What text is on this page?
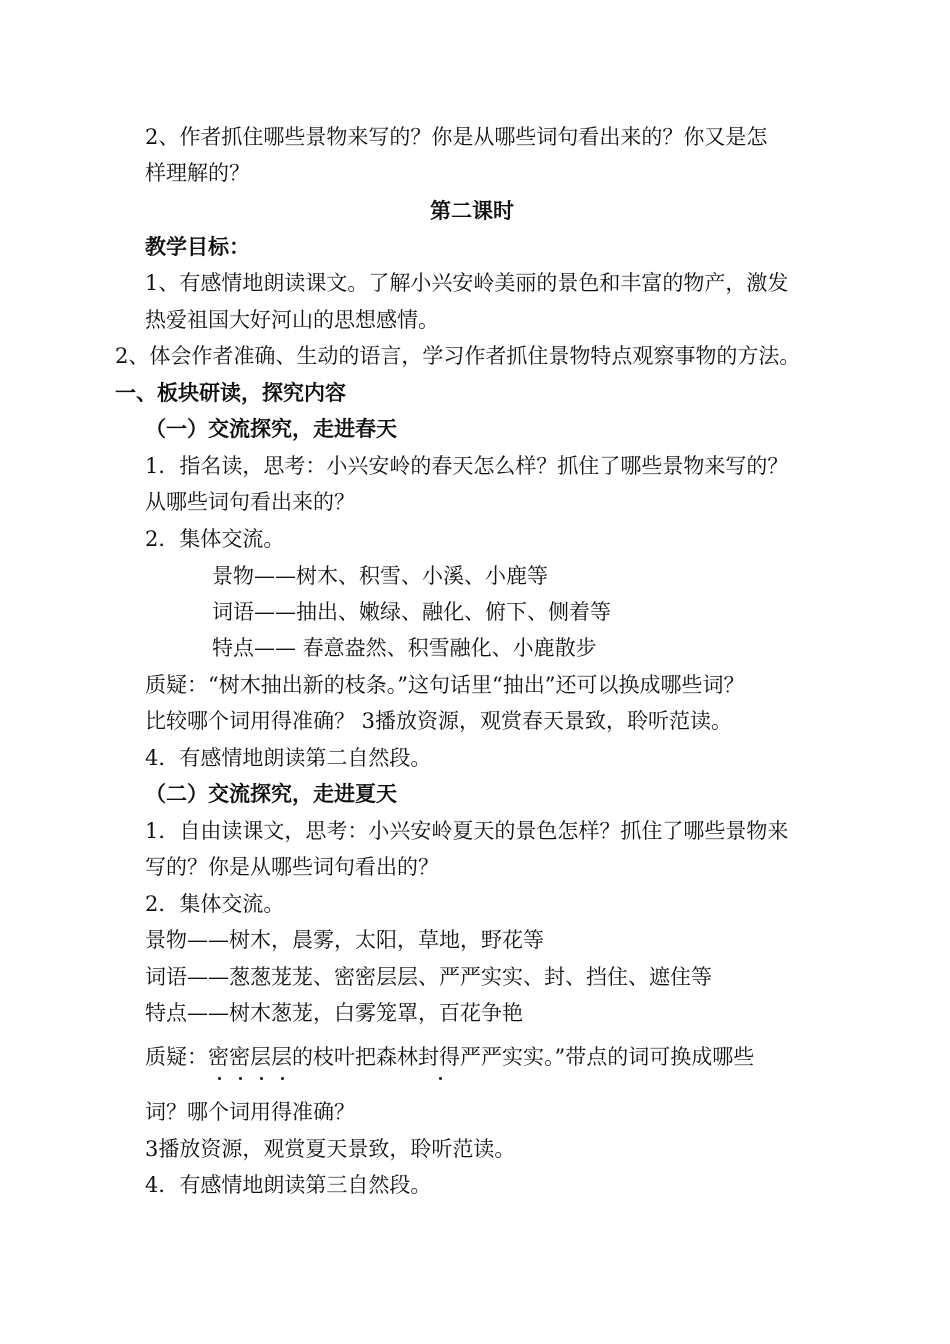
2、作者抓住哪些景物来写的？你是从哪些词句看出来的？你又是怎
样理解的？
第二课时
教学目标：
1、有感情地朗读课文。了解小兴安岭美丽的景色和丰富的物产，激发
热爱祖国大好河山的思想感情。
2、体会作者准确、生动的语言，学习作者抓住景物特点观察事物的方法。
一、板块研读，探究内容
（一）交流探究，走进春天
1．指名读，思考：小兴安岭的春天怎么样？抓住了哪些景物来写的？
从哪些词句看出来的？
2．集体交流。
景物——树木、积雪、小溪、小鹿等
词语——抽出、嫩绿、融化、俯下、侧着等
特点—— 春意盎然、积雪融化、小鹿散步
质疑：“树木抽出新的枝条。”这句话里“抽出”还可以换成哪些词？
比较哪个词用得准确？ 3播放资源，观赏春天景致，聆听范读。
4．有感情地朗读第二自然段。
（二）交流探究，走进夏天
1．自由读课文，思考：小兴安岭夏天的景色怎样？抓住了哪些景物来
写的？你是从哪些词句看出的？
2．集体交流。
景物——树木，晨雾，太阳，草地，野花等
词语——葱葱茏茏、密密层层、严严实实、封、挡住、遮住等
特点——树木葱茏，白雾笼罩，百花争艳
质疑：密密层层的枝叶把森林封得严严实实。”带点的词可换成哪些
词？哪个词用得准确？
3播放资源，观赏夏天景致，聆听范读。
4．有感情地朗读第三自然段。
